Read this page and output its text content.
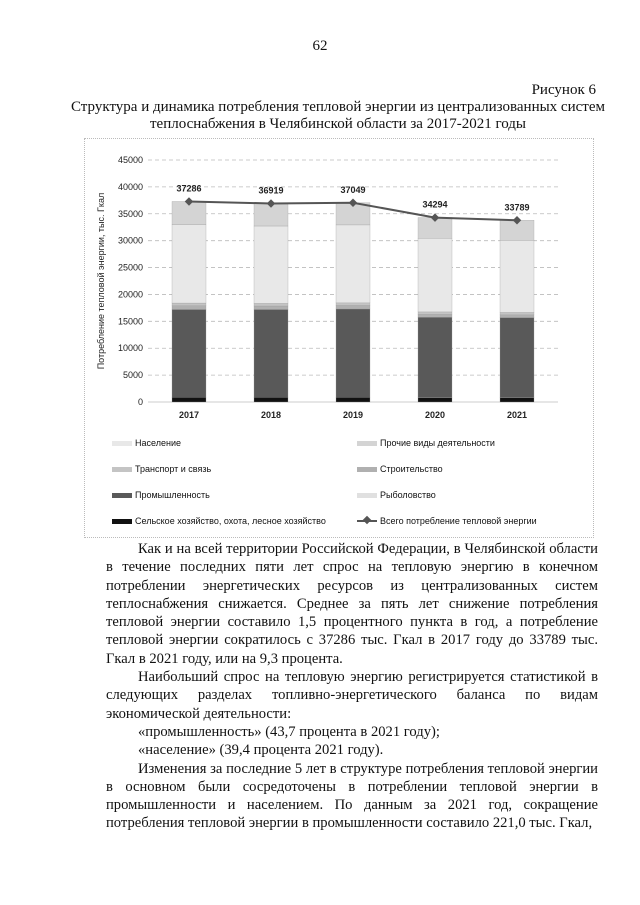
62
Рисунок 6
Структура и динамика потребления тепловой энергии из централизованных систем теплоснабжения в Челябинской области за 2017-2021 годы
0
5000
10000
15000
20000
25000
30000
35000
40000
45000
Потребление тепловой энергии, тыс. Гкал
2017	2018	2019	2020	2021
37286	36919	37049
34294	33789
Население	Прочие виды деятельности
Транспорт и связь	Строительство
Промышленность	Рыболовство
Сельское хозяйство, охота, лесное хозяйство	Всего потребление тепловой энергии

Как и на всей территории Российской Федерации, в Челябинской области в течение последних пяти лет спрос на тепловую энергию в конечном потреблении энергетических ресурсов из централизованных систем теплоснабжения снижается. Среднее за пять лет снижение потребления тепловой энергии составило 1,5 процентного пункта в год, а потребление тепловой энергии сократилось с 37286 тыс. Гкал в 2017 году до 33789 тыс. Гкал в 2021 году, или на 9,3 процента.

Наибольший спрос на тепловую энергию регистрируется статистикой в следующих разделах топливно-энергетического баланса по видам экономической деятельности:

«промышленность» (43,7 процента в 2021 году);

«население» (39,4 процента 2021 году).

Изменения за последние 5 лет в структуре потребления тепловой энергии в основном были сосредоточены в потреблении тепловой энергии в промышленности и населением. По данным за 2021 год, сокращение потребления тепловой энергии в промышленности составило 221,0 тыс. Гкал,
